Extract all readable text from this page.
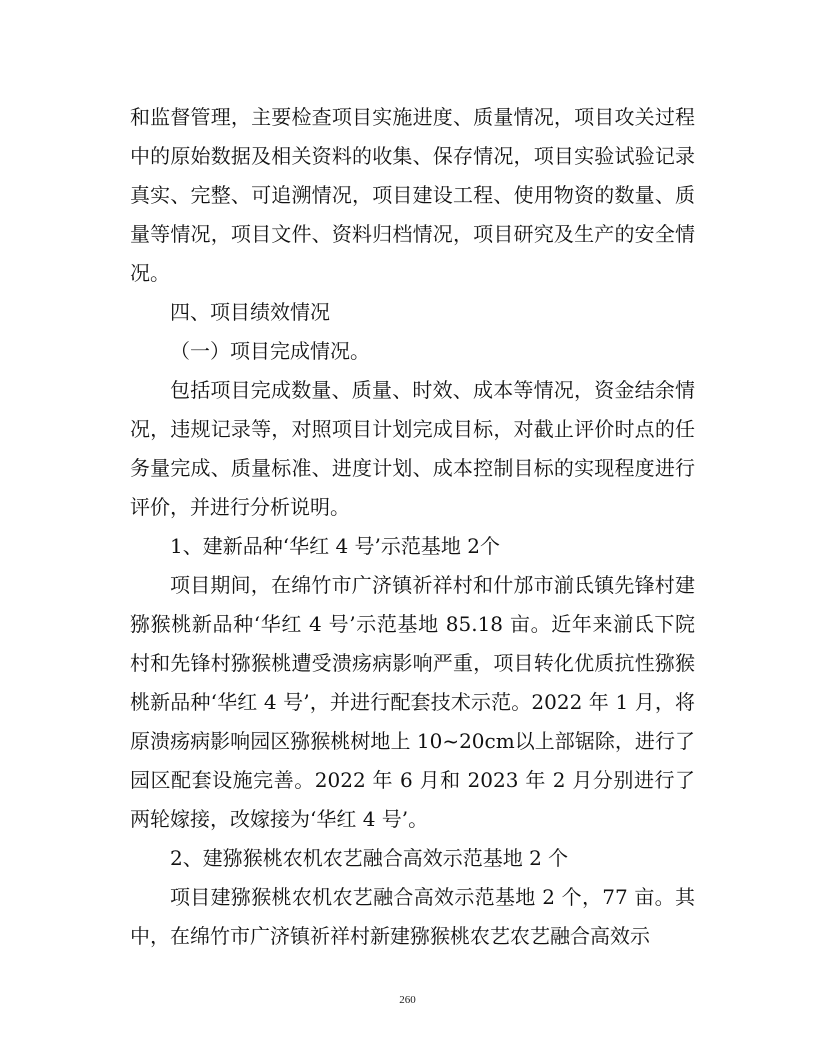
和监督管理，主要检查项目实施进度、质量情况，项目攻关过程中的原始数据及相关资料的收集、保存情况，项目实验试验记录真实、完整、可追溯情况，项目建设工程、使用物资的数量、质量等情况，项目文件、资料归档情况，项目研究及生产的安全情况。

四、项目绩效情况

（一）项目完成情况。

包括项目完成数量、质量、时效、成本等情况，资金结余情况，违规记录等，对照项目计划完成目标，对截止评价时点的任务量完成、质量标准、进度计划、成本控制目标的实现程度进行评价，并进行分析说明。

1、建新品种‘华红 4 号’示范基地 2个

项目期间，在绵竹市广济镇祈祥村和什邡市湔氐镇先锋村建猕猴桃新品种‘华红 4 号’示范基地 85.18 亩。近年来湔氐下院村和先锋村猕猴桃遭受溃疡病影响严重，项目转化优质抗性猕猴桃新品种‘华红 4 号’，并进行配套技术示范。2022 年 1 月，将原溃疡病影响园区猕猴桃树地上 10~20cm以上部锯除，进行了园区配套设施完善。2022 年 6 月和 2023 年 2 月分别进行了两轮嫁接，改嫁接为‘华红 4 号’。

2、建猕猴桃农机农艺融合高效示范基地 2 个

项目建猕猴桃农机农艺融合高效示范基地 2 个，77 亩。其中，在绵竹市广济镇祈祥村新建猕猴桃农艺农艺融合高效示

260
